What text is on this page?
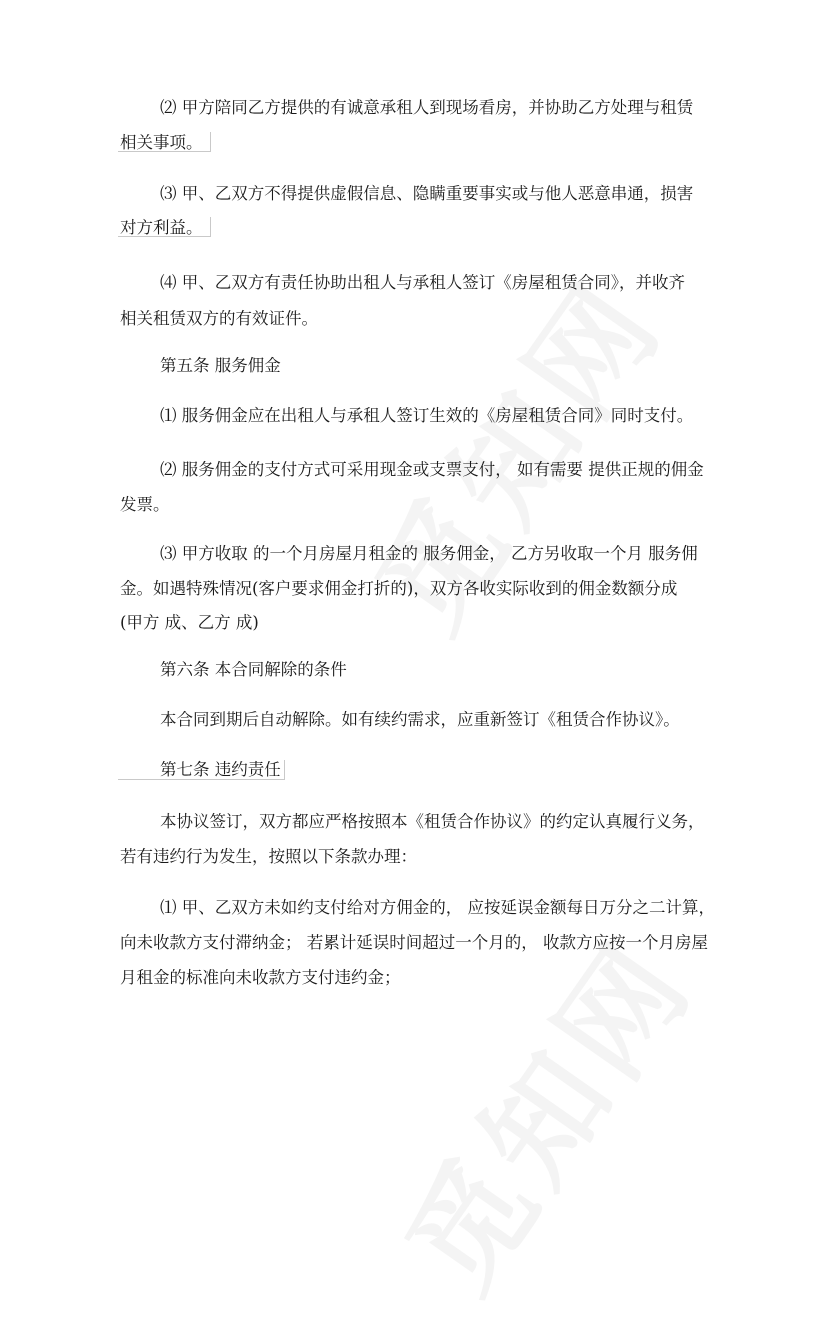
⑵ 甲方陪同乙方提供的有诚意承租人到现场看房，并协助乙方处理与租赁
相关事项。
⑶ 甲、乙双方不得提供虚假信息、隐瞒重要事实或与他人恶意串通，损害
对方利益。
⑷ 甲、乙双方有责任协助出租人与承租人签订《房屋租赁合同》，并收齐
相关租赁双方的有效证件。
第五条 服务佣金
⑴ 服务佣金应在出租人与承租人签订生效的《房屋租赁合同》同时支付。
⑵ 服务佣金的支付方式可采用现金或支票支付， 如有需要 提供正规的佣金
发票。
⑶ 甲方收取 的一个月房屋月租金的 服务佣金， 乙方另收取一个月 服务佣
金。如遇特殊情况(客户要求佣金打折的)，双方各收实际收到的佣金数额分成
(甲方 成、乙方 成)
第六条 本合同解除的条件
本合同到期后自动解除。如有续约需求，应重新签订《租赁合作协议》。
第七条 违约责任
本协议签订，双方都应严格按照本《租赁合作协议》的约定认真履行义务，
若有违约行为发生，按照以下条款办理：
⑴ 甲、乙双方未如约支付给对方佣金的， 应按延误金额每日万分之二计算，
向未收款方支付滞纳金； 若累计延误时间超过一个月的， 收款方应按一个月房屋
月租金的标准向未收款方支付违约金；
